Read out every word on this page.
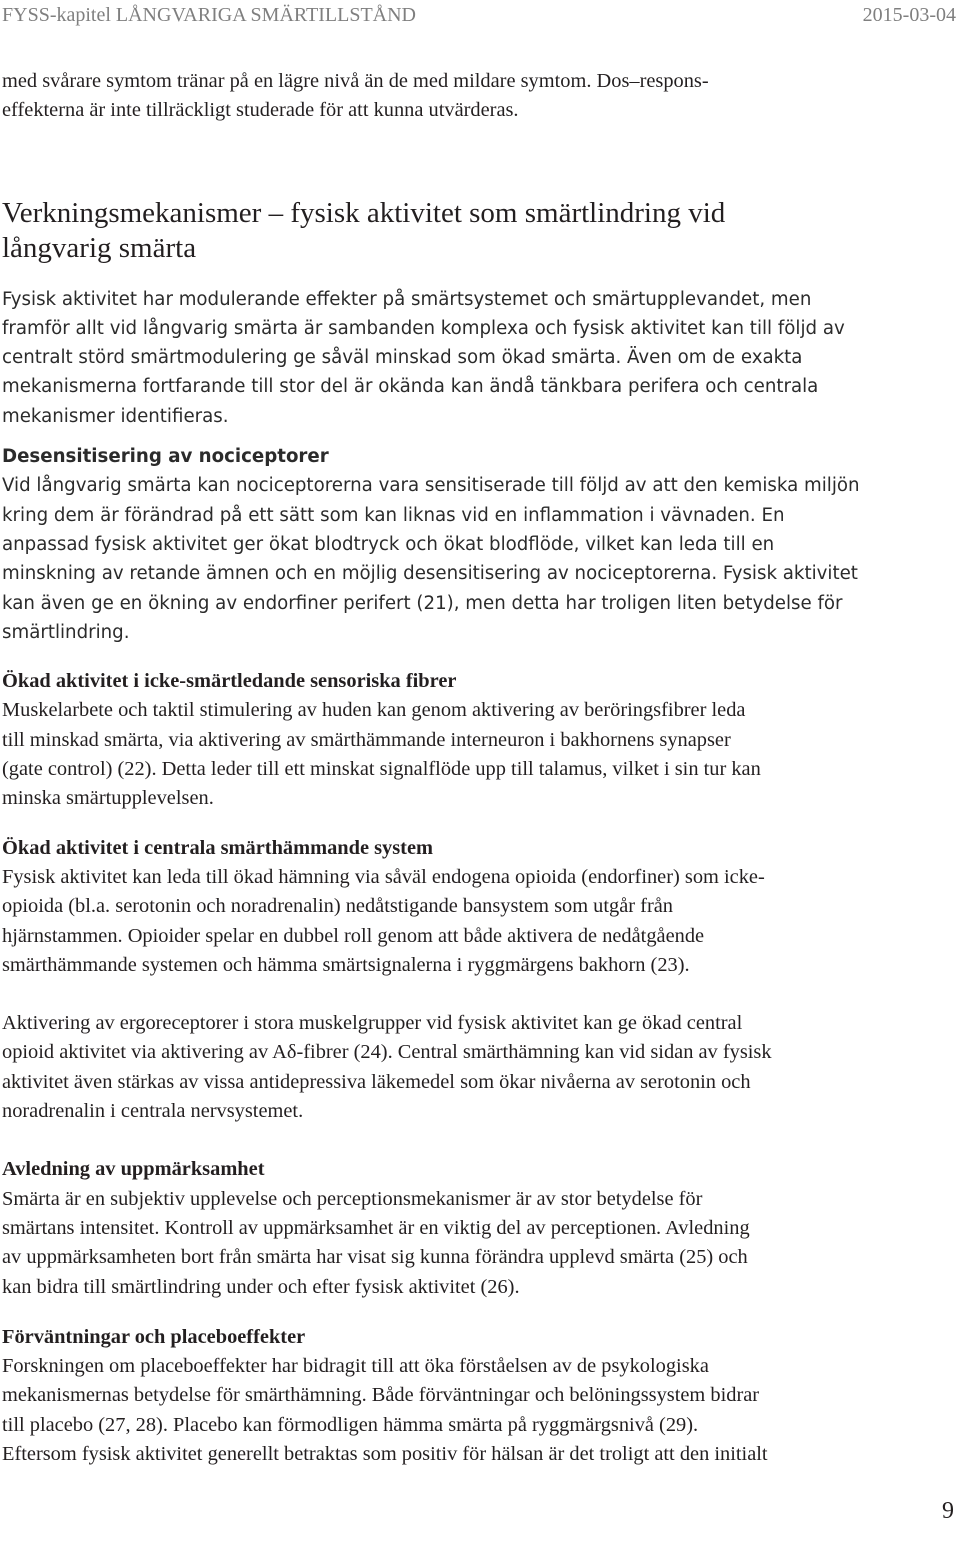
FYSS-kapitel LÅNGVARIGA SMÄRTILLSTÅND	2015-03-04

med svårare symtom tränar på en lägre nivå än de med mildare symtom. Dos–respons-

effekterna är inte tillräckligt studerade för att kunna utvärderas.

Verkningsmekanismer – fysisk aktivitet som smärtlindring vid
långvarig smärta

Fysisk aktivitet har modulerande effekter på smärtsystemet och smärtupplevandet, men

framför allt vid långvarig smärta är sambanden komplexa och fysisk aktivitet kan till följd av

centralt störd smärtmodulering ge såväl minskad som ökad smärta. Även om de exakta

mekanismerna fortfarande till stor del är okända kan ändå tänkbara perifera och centrala

mekanismer identifieras.

Desensitisering av nociceptorer

Vid långvarig smärta kan nociceptorerna vara sensitiserade till följd av att den kemiska miljön

kring dem är förändrad på ett sätt som kan liknas vid en inflammation i vävnaden. En

anpassad fysisk aktivitet ger ökat blodtryck och ökat blodflöde, vilket kan leda till en

minskning av retande ämnen och en möjlig desensitisering av nociceptorerna. Fysisk aktivitet

kan även ge en ökning av endorfiner perifert (21), men detta har troligen liten betydelse för

smärtlindring.

Ökad aktivitet i icke-smärtledande sensoriska fibrer

Muskelarbete och taktil stimulering av huden kan genom aktivering av beröringsfibrer leda

till minskad smärta, via aktivering av smärthämmande interneuron i bakhornens synapser

(gate control) (22). Detta leder till ett minskat signalflöde upp till talamus, vilket i sin tur kan

minska smärtupplevelsen.

Ökad aktivitet i centrala smärthämmande system

Fysisk aktivitet kan leda till ökad hämning via såväl endogena opioida (endorfiner) som icke-

opioida (bl.a. serotonin och noradrenalin) nedåtstigande bansystem som utgår från

hjärnstammen. Opioider spelar en dubbel roll genom att både aktivera de nedåtgående

smärthämmande systemen och hämma smärtsignalerna i ryggmärgens bakhorn (23).

Aktivering av ergoreceptorer i stora muskelgrupper vid fysisk aktivitet kan ge ökad central

opioid aktivitet via aktivering av Aδ-fibrer (24). Central smärthämning kan vid sidan av fysisk

aktivitet även stärkas av vissa antidepressiva läkemedel som ökar nivåerna av serotonin och

noradrenalin i centrala nervsystemet.

Avledning av uppmärksamhet

Smärta är en subjektiv upplevelse och perceptionsmekanismer är av stor betydelse för

smärtans intensitet. Kontroll av uppmärksamhet är en viktig del av perceptionen. Avledning

av uppmärksamheten bort från smärta har visat sig kunna förändra upplevd smärta (25) och

kan bidra till smärtlindring under och efter fysisk aktivitet (26).

Förväntningar och placeboeffekter

Forskningen om placeboeffekter har bidragit till att öka förståelsen av de psykologiska

mekanismernas betydelse för smärthämning. Både förväntningar och belöningssystem bidrar

till placebo (27, 28). Placebo kan förmodligen hämma smärta på ryggmärgsnivå (29).

Eftersom fysisk aktivitet generellt betraktas som positiv för hälsan är det troligt att den initialt

9
